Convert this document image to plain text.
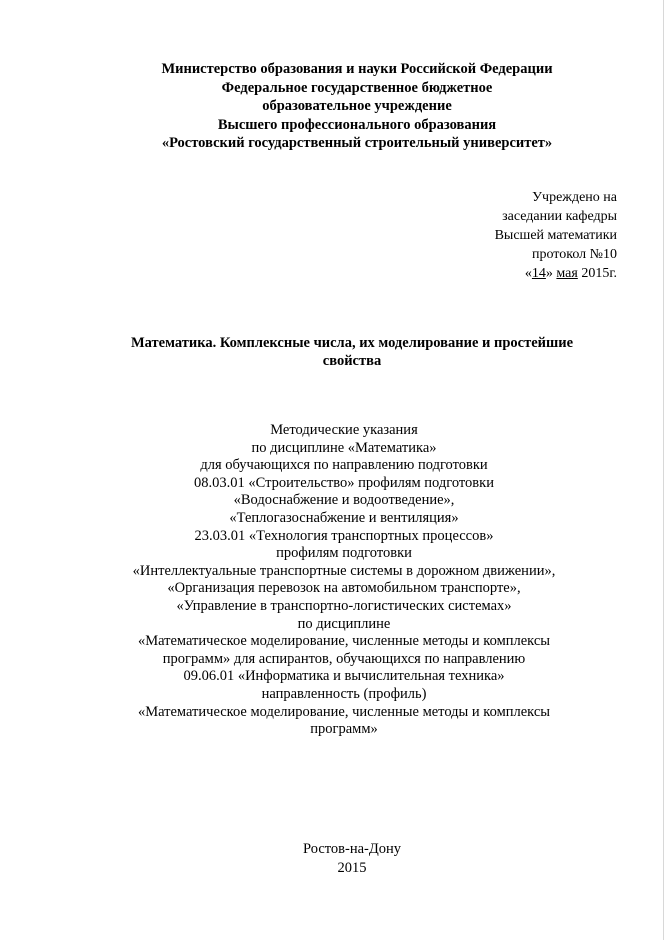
Министерство образования и науки Российской Федерации
Федеральное государственное бюджетное
образовательное учреждение
Высшего профессионального образования
«Ростовский государственный строительный университет»
Учреждено на
заседании кафедры
Высшей математики
протокол №10
«14» мая 2015г.
Математика. Комплексные числа, их моделирование и простейшие
свойства
Методические указания
по дисциплине «Математика»
для обучающихся по направлению подготовки
08.03.01 «Строительство» профилям подготовки
«Водоснабжение и водоотведение»,
«Теплогазоснабжение и вентиляция»
23.03.01 «Технология транспортных процессов»
профилям подготовки
«Интеллектуальные транспортные системы в дорожном движении»,
«Организация перевозок на автомобильном транспорте»,
«Управление в транспортно-логистических системах»
по дисциплине
«Математическое моделирование, численные методы и комплексы
программ» для аспирантов, обучающихся по направлению
09.06.01 «Информатика и вычислительная техника»
направленность (профиль)
«Математическое моделирование, численные методы и комплексы
программ»
Ростов-на-Дону
2015
